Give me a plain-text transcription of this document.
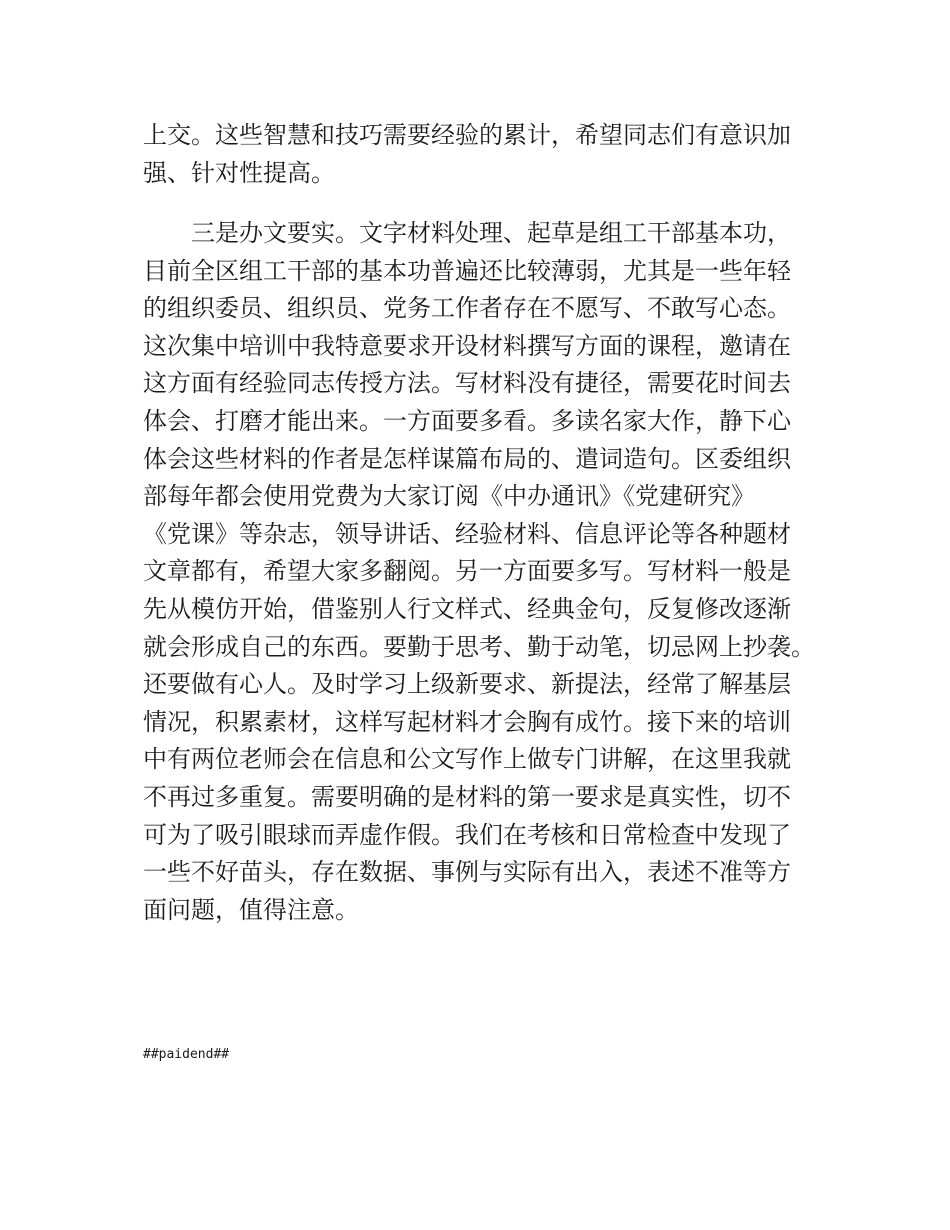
上交。这些智慧和技巧需要经验的累计，希望同志们有意识加
强、针对性提高。
三是办文要实。文字材料处理、起草是组工干部基本功，
目前全区组工干部的基本功普遍还比较薄弱，尤其是一些年轻
的组织委员、组织员、党务工作者存在不愿写、不敢写心态。
这次集中培训中我特意要求开设材料撰写方面的课程，邀请在
这方面有经验同志传授方法。写材料没有捷径，需要花时间去
体会、打磨才能出来。一方面要多看。多读名家大作，静下心
体会这些材料的作者是怎样谋篇布局的、遣词造句。区委组织
部每年都会使用党费为大家订阅《中办通讯》《党建研究》
《党课》等杂志，领导讲话、经验材料、信息评论等各种题材
文章都有，希望大家多翻阅。另一方面要多写。写材料一般是
先从模仿开始，借鉴别人行文样式、经典金句，反复修改逐渐
就会形成自己的东西。要勤于思考、勤于动笔，切忌网上抄袭。
还要做有心人。及时学习上级新要求、新提法，经常了解基层
情况，积累素材，这样写起材料才会胸有成竹。接下来的培训
中有两位老师会在信息和公文写作上做专门讲解，在这里我就
不再过多重复。需要明确的是材料的第一要求是真实性，切不
可为了吸引眼球而弄虚作假。我们在考核和日常检查中发现了
一些不好苗头，存在数据、事例与实际有出入，表述不准等方
面问题，值得注意。
##paidend##
